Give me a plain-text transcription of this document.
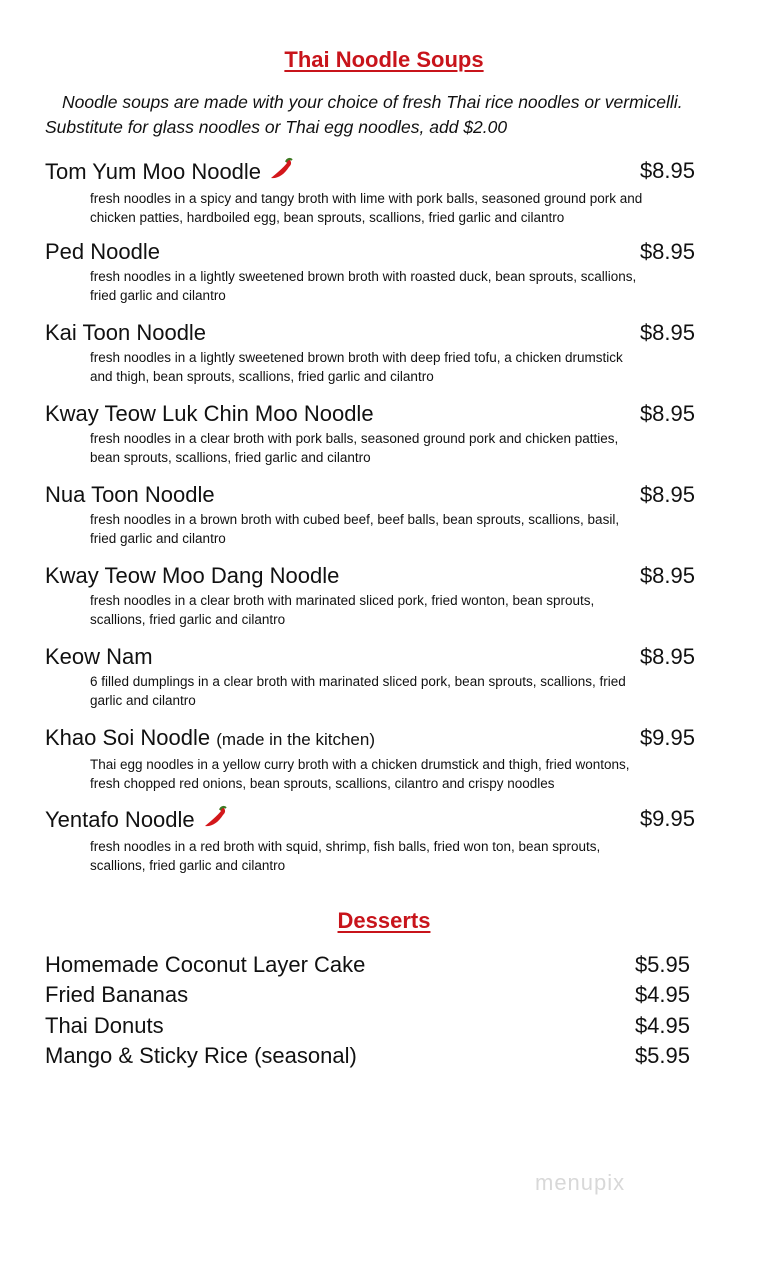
Thai Noodle Soups
Noodle soups are made with your choice of fresh Thai rice noodles or vermicelli.
Substitute for glass noodles or Thai egg noodles, add $2.00
Tom Yum Moo Noodle	$8.95
fresh noodles in a spicy and tangy broth with lime with pork balls, seasoned ground pork and chicken patties, hardboiled egg, bean sprouts, scallions, fried garlic and cilantro
Ped Noodle	$8.95
fresh noodles in a lightly sweetened brown broth with roasted duck, bean sprouts, scallions, fried garlic and cilantro
Kai Toon Noodle	$8.95
fresh noodles in a lightly sweetened brown broth with deep fried tofu, a chicken drumstick and thigh, bean sprouts, scallions, fried garlic and cilantro
Kway Teow Luk Chin Moo Noodle	$8.95
fresh noodles in a clear broth with pork balls, seasoned ground pork and chicken patties, bean sprouts, scallions, fried garlic and cilantro
Nua Toon Noodle	$8.95
fresh noodles in a brown broth with cubed beef, beef balls, bean sprouts, scallions, basil, fried garlic and cilantro
Kway Teow Moo Dang Noodle	$8.95
fresh noodles in a clear broth with marinated sliced pork, fried wonton, bean sprouts, scallions, fried garlic and cilantro
Keow Nam	$8.95
6 filled dumplings in a clear broth with marinated sliced pork, bean sprouts, scallions, fried garlic and cilantro
Khao Soi Noodle (made in the kitchen)	$9.95
Thai egg noodles in a yellow curry broth with a chicken drumstick and thigh, fried wontons, fresh chopped red onions, bean sprouts, scallions, cilantro and crispy noodles
Yentafo Noodle	$9.95
fresh noodles in a red broth with squid, shrimp, fish balls, fried won ton, bean sprouts, scallions, fried garlic and cilantro
Desserts
Homemade Coconut Layer Cake	$5.95
Fried Bananas	$4.95
Thai Donuts	$4.95
Mango & Sticky Rice (seasonal)	$5.95
menupix
